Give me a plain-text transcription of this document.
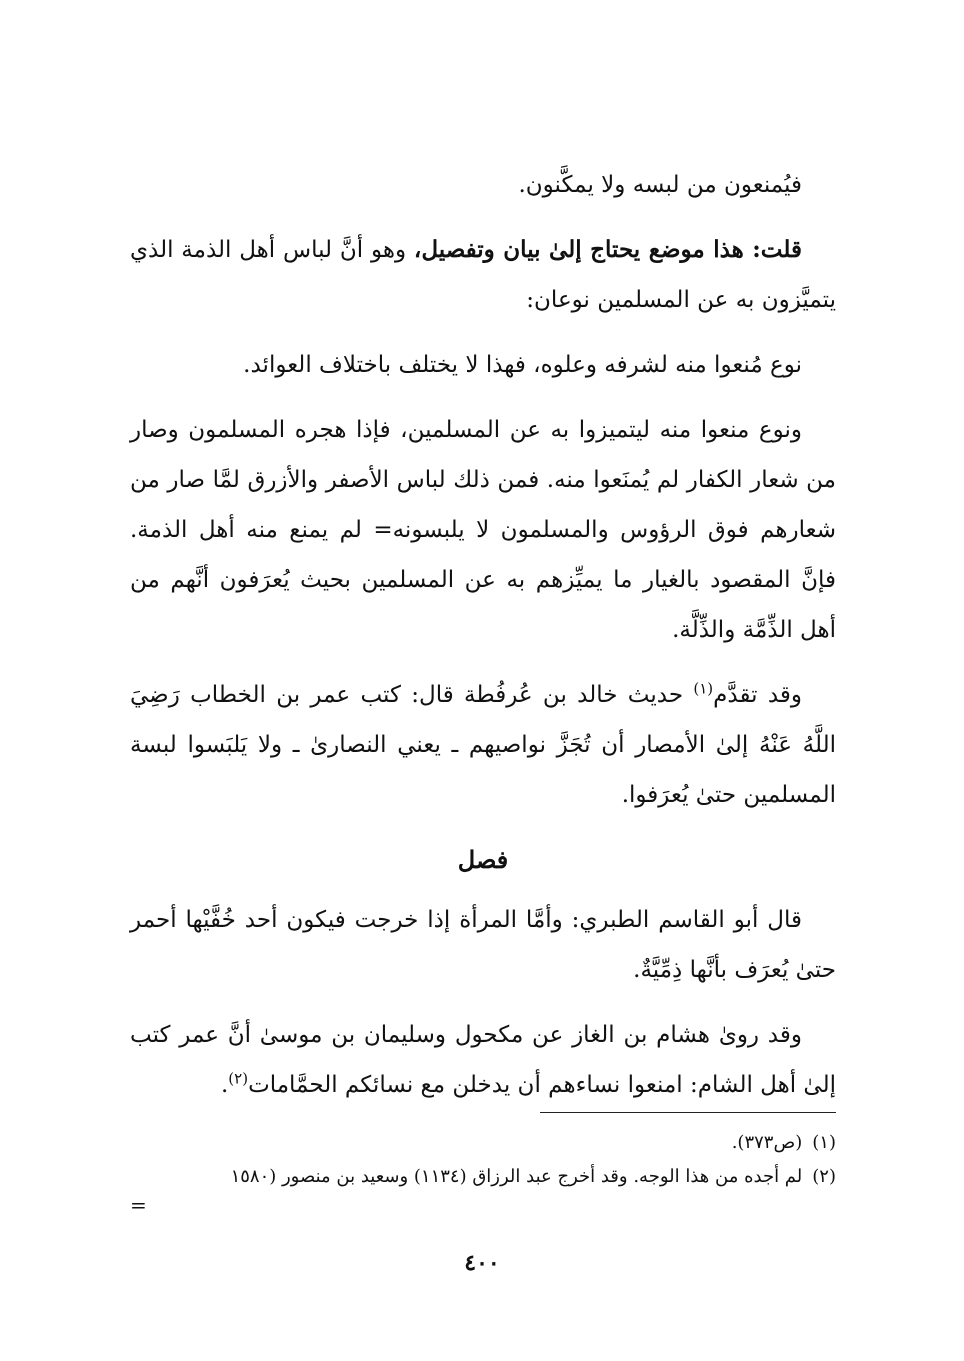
فيُمنعون من لبسه ولا يمكَّنون.

قلت: هذا موضع يحتاج إلىٰ بيان وتفصيل، وهو أنَّ لباس أهل الذمة الذي يتميَّزون به عن المسلمين نوعان:

نوع مُنعوا منه لشرفه وعلوه، فهذا لا يختلف باختلاف العوائد.

ونوع منعوا منه ليتميزوا به عن المسلمين، فإذا هجره المسلمون وصار من شعار الكفار لم يُمنَعوا منه. فمن ذلك لباس الأصفر والأزرق لمَّا صار من شعارهم فوق الرؤوس والمسلمون لا يلبسونه= لم يمنع منه أهل الذمة. فإنَّ المقصود بالغيار ما يميِّزهم به عن المسلمين بحيث يُعرَفون أنَّهم من أهل الذِّمَّة والذِّلَّة.

وقد تقدَّم$^{(١)}$ حديث خالد بن عُرفُطة قال: كتب عمر بن الخطاب رَضِيَ اللَّهُ عَنْهُ إلىٰ الأمصار أن تُجَزَّ نواصيهم ـ يعني النصارىٰ ـ ولا يَلبَسوا لبسة المسلمين حتىٰ يُعرَفوا.

فصل

قال أبو القاسم الطبري: وأمَّا المرأة إذا خرجت فيكون أحد خُفَّيْها أحمر حتىٰ يُعرَف بأنَّها ذِمِّيَّةٌ.

وقد روىٰ هشام بن الغاز عن مكحول وسليمان بن موسىٰ أنَّ عمر كتب إلىٰ أهل الشام: امنعوا نساءهم أن يدخلن مع نسائكم الحمَّامات$^{(٢)}$.

(١)(ص٣٧٣).

(٢)لم أجده من هذا الوجه. وقد أخرج عبد الرزاق (١١٣٤) وسعيد بن منصور (١٥٨٠

=
٤٠٠
